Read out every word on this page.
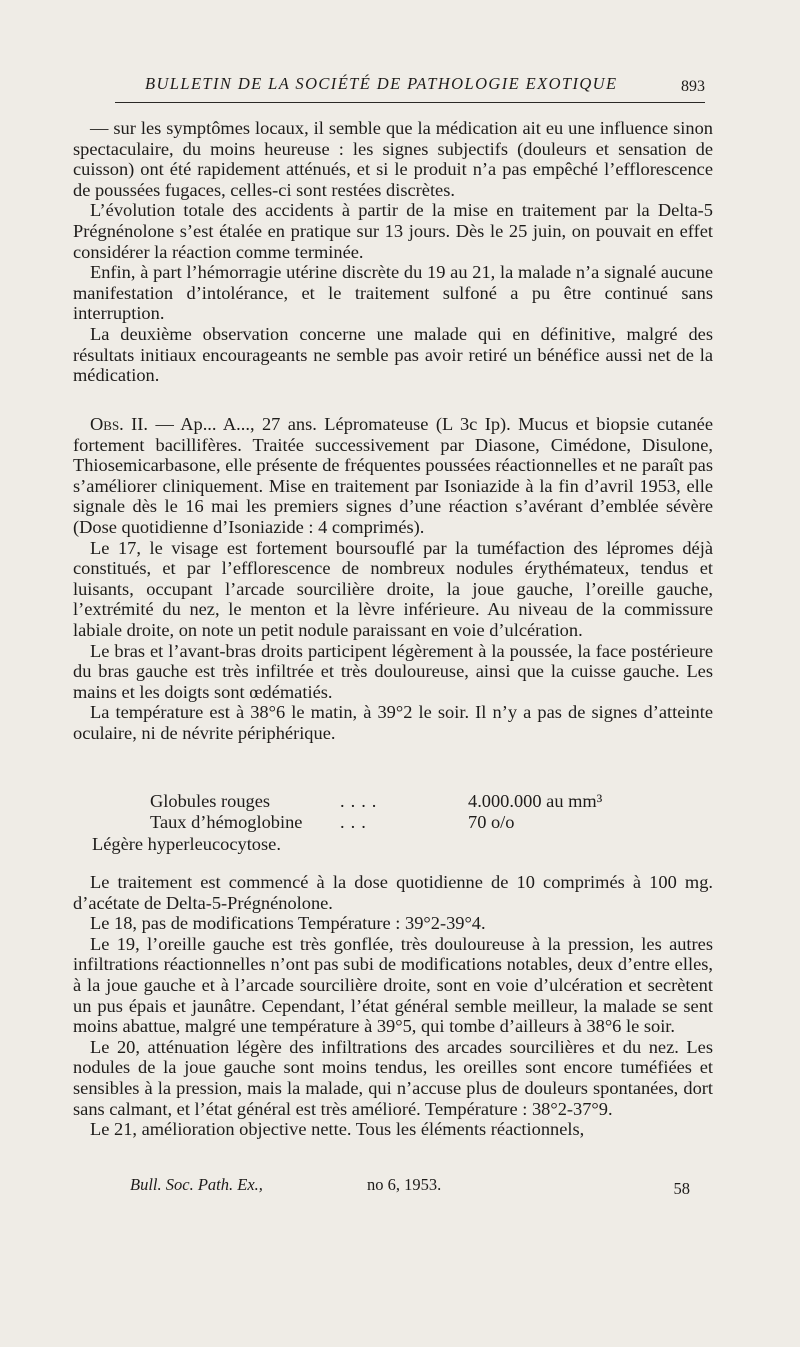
BULLETIN DE LA SOCIÉTÉ DE PATHOLOGIE EXOTIQUE	893

— sur les symptômes locaux, il semble que la médication ait eu une influence sinon spectaculaire, du moins heureuse : les signes subjectifs (douleurs et sensation de cuisson) ont été rapidement atténués, et si le produit n’a pas empêché l’efflorescence de poussées fugaces, celles-ci sont restées discrètes.

L’évolution totale des accidents à partir de la mise en traitement par la Delta-5 Prégnénolone s’est étalée en pratique sur 13 jours. Dès le 25 juin, on pouvait en effet considérer la réaction comme terminée.

Enfin, à part l’hémorragie utérine discrète du 19 au 21, la malade n’a signalé aucune manifestation d’intolérance, et le traitement sulfoné a pu être continué sans interruption.

La deuxième observation concerne une malade qui en définitive, malgré des résultats initiaux encourageants ne semble pas avoir retiré un bénéfice aussi net de la médication.

Obs. II. — Ap... A..., 27 ans. Lépromateuse (L 3c Ip). Mucus et biopsie cutanée fortement bacillifères. Traitée successivement par Diasone, Cimédone, Disulone, Thiosemicarbasone, elle présente de fréquentes poussées réactionnelles et ne paraît pas s’améliorer cliniquement. Mise en traitement par Isoniazide à la fin d’avril 1953, elle signale dès le 16 mai les premiers signes d’une réaction s’avérant d’emblée sévère (Dose quotidienne d’Isoniazide : 4 comprimés).

Le 17, le visage est fortement boursouflé par la tuméfaction des lépromes déjà constitués, et par l’efflorescence de nombreux nodules érythémateux, tendus et luisants, occupant l’arcade sourcilière droite, la joue gauche, l’oreille gauche, l’extrémité du nez, le menton et la lèvre inférieure. Au niveau de la commissure labiale droite, on note un petit nodule paraissant en voie d’ulcération.

Le bras et l’avant-bras droits participent légèrement à la poussée, la face postérieure du bras gauche est très infiltrée et très douloureuse, ainsi que la cuisse gauche. Les mains et les doigts sont œdématiés.

La température est à 38°6 le matin, à 39°2 le soir. Il n’y a pas de signes d’atteinte oculaire, ni de névrite périphérique.

Globules rouges	....	4.000.000 au mm³
Taux d’hémoglobine ...	70 o/o
Légère hyperleucocytose.

Le traitement est commencé à la dose quotidienne de 10 comprimés à 100 mg. d’acétate de Delta-5-Prégnénolone.

Le 18, pas de modifications Température : 39°2-39°4.

Le 19, l’oreille gauche est très gonflée, très douloureuse à la pression, les autres infiltrations réactionnelles n’ont pas subi de modifications notables, deux d’entre elles, à la joue gauche et à l’arcade sourcilière droite, sont en voie d’ulcération et secrètent un pus épais et jaunâtre. Cependant, l’état général semble meilleur, la malade se sent moins abattue, malgré une température à 39°5, qui tombe d’ailleurs à 38°6 le soir.

Le 20, atténuation légère des infiltrations des arcades sourcilières et du nez. Les nodules de la joue gauche sont moins tendus, les oreilles sont encore tuméfiées et sensibles à la pression, mais la malade, qui n’accuse plus de douleurs spontanées, dort sans calmant, et l’état général est très amélioré. Température : 38°2-37°9.

Le 21, amélioration objective nette. Tous les éléments réactionnels,

Bull. Soc. Path. Ex.,	no 6, 1953.	58
